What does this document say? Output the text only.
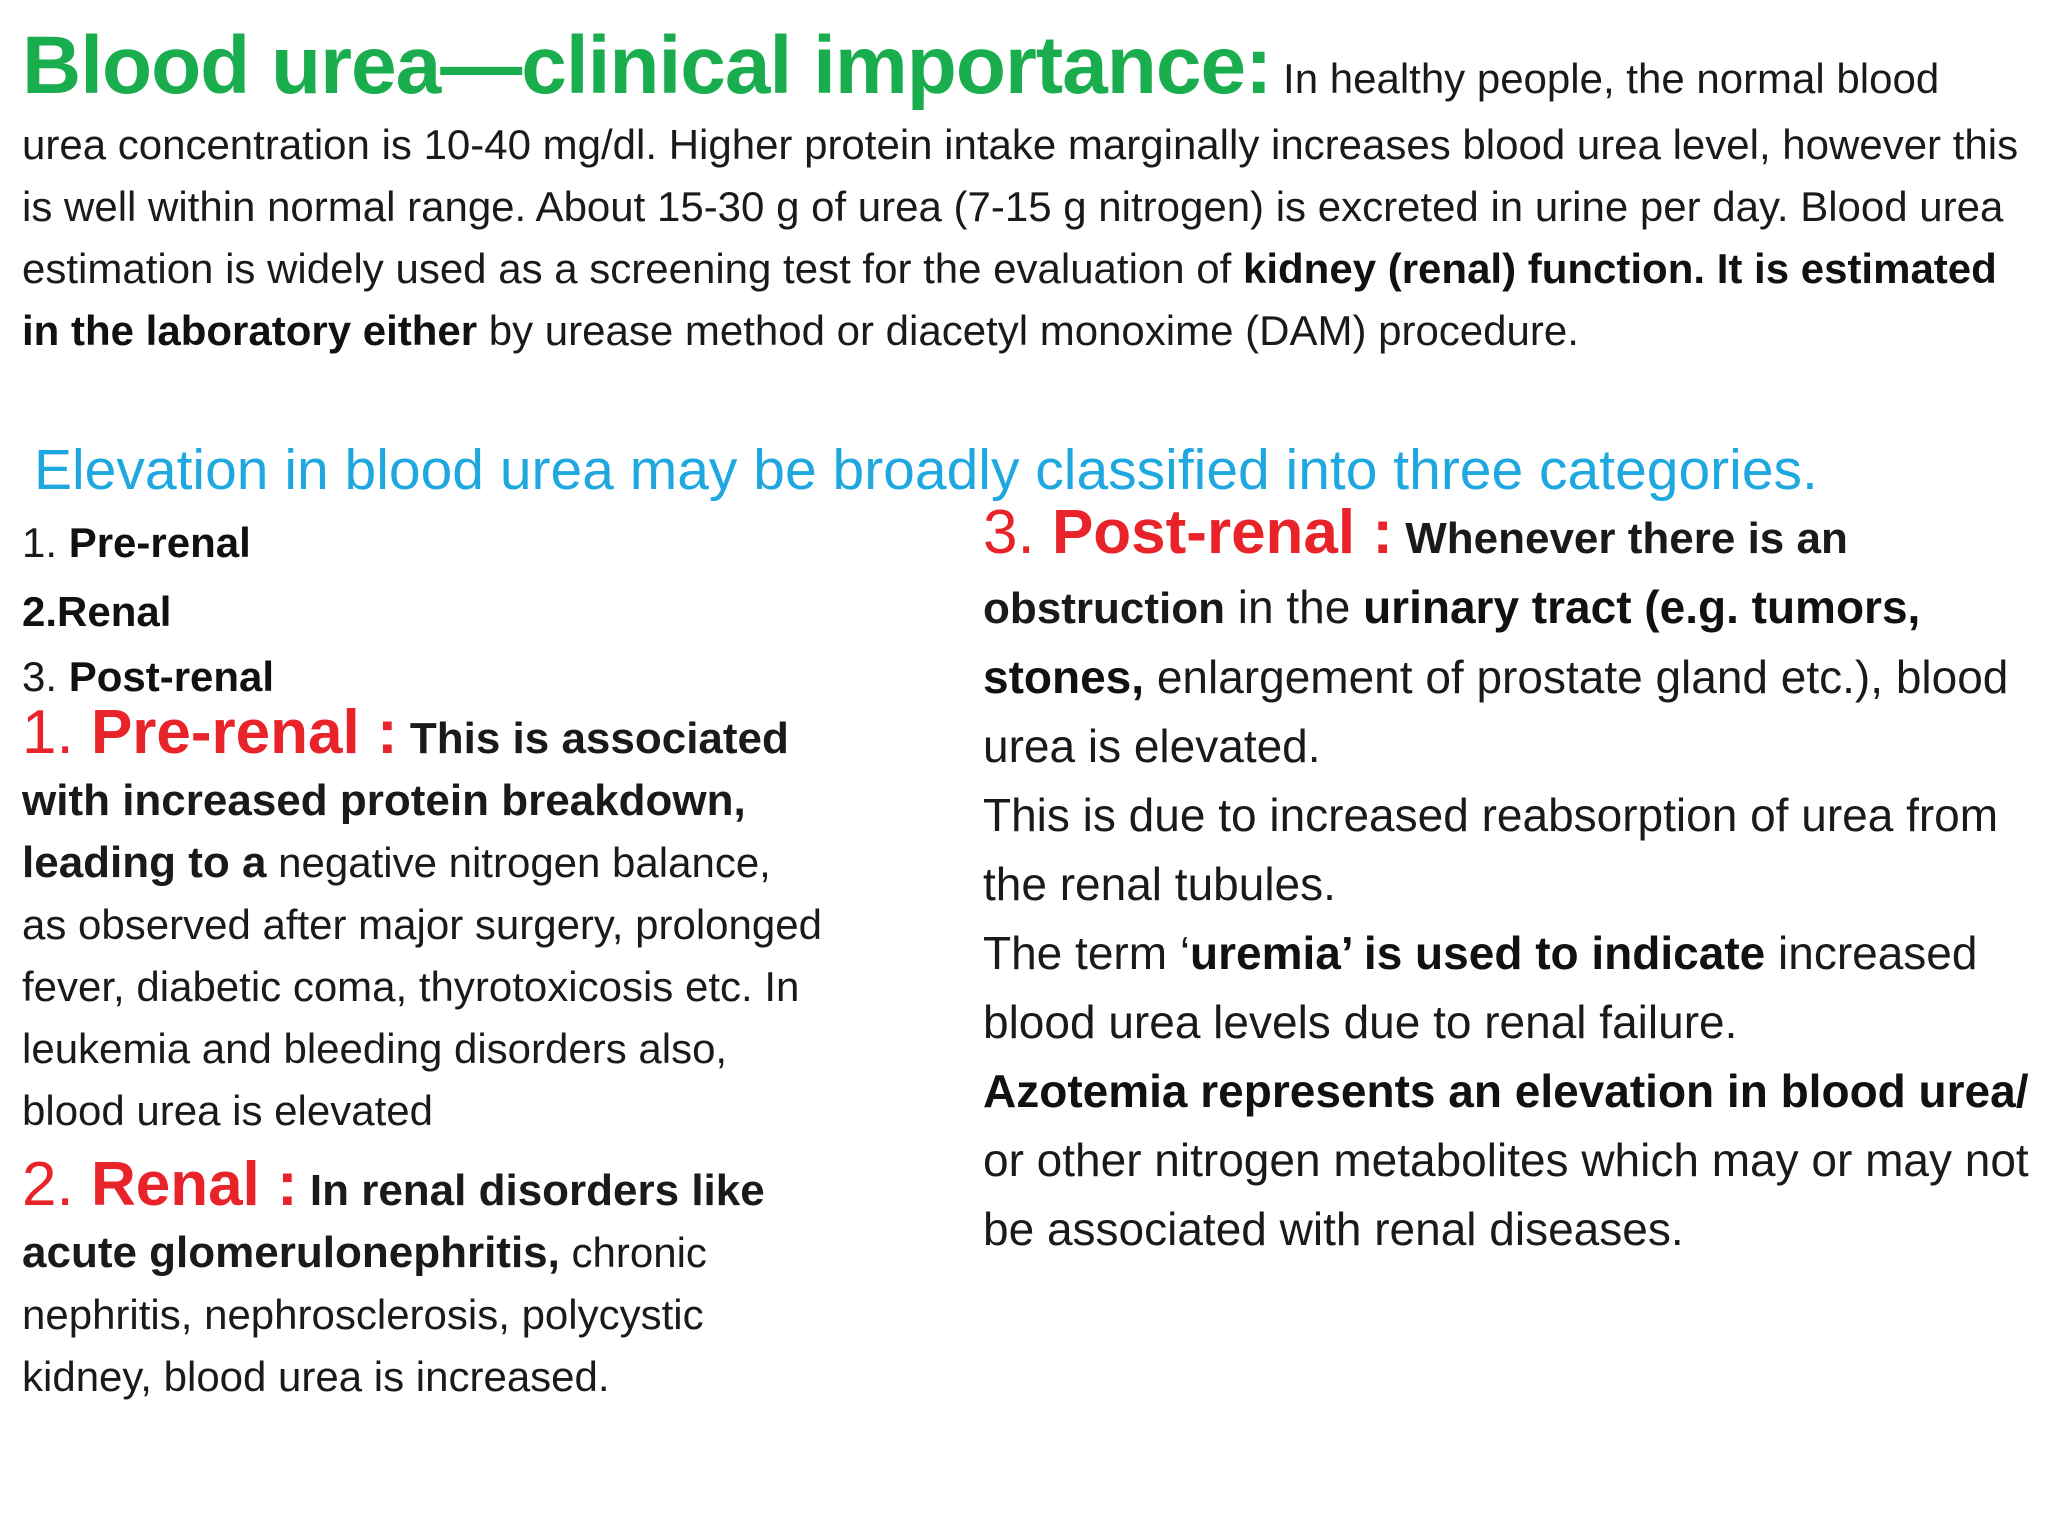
Blood urea—clinical importance: In healthy people, the normal blood urea concentration is 10-40 mg/dl. Higher protein intake marginally increases blood urea level, however this is well within normal range. About 15-30 g of urea (7-15 g nitrogen) is excreted in urine per day. Blood urea estimation is widely used as a screening test for the evaluation of kidney (renal) function. It is estimated in the laboratory either by urease method or diacetyl monoxime (DAM) procedure.
Elevation in blood urea may be broadly classified into three categories.
1. Pre-renal
2.Renal
3. Post-renal
1. Pre-renal : This is associated with increased protein breakdown, leading to a negative nitrogen balance, as observed after major surgery, prolonged fever, diabetic coma, thyrotoxicosis etc. In leukemia and bleeding disorders also, blood urea is elevated
2. Renal : In renal disorders like acute glomerulonephritis, chronic nephritis, nephrosclerosis, polycystic kidney, blood urea is increased.
3. Post-renal : Whenever there is an obstruction in the urinary tract (e.g. tumors, stones, enlargement of prostate gland etc.), blood urea is elevated.
This is due to increased reabsorption of urea from the renal tubules.
The term ‘uremia’ is used to indicate increased blood urea levels due to renal failure.
Azotemia represents an elevation in blood urea/ or other nitrogen metabolites which may or may not be associated with renal diseases.
